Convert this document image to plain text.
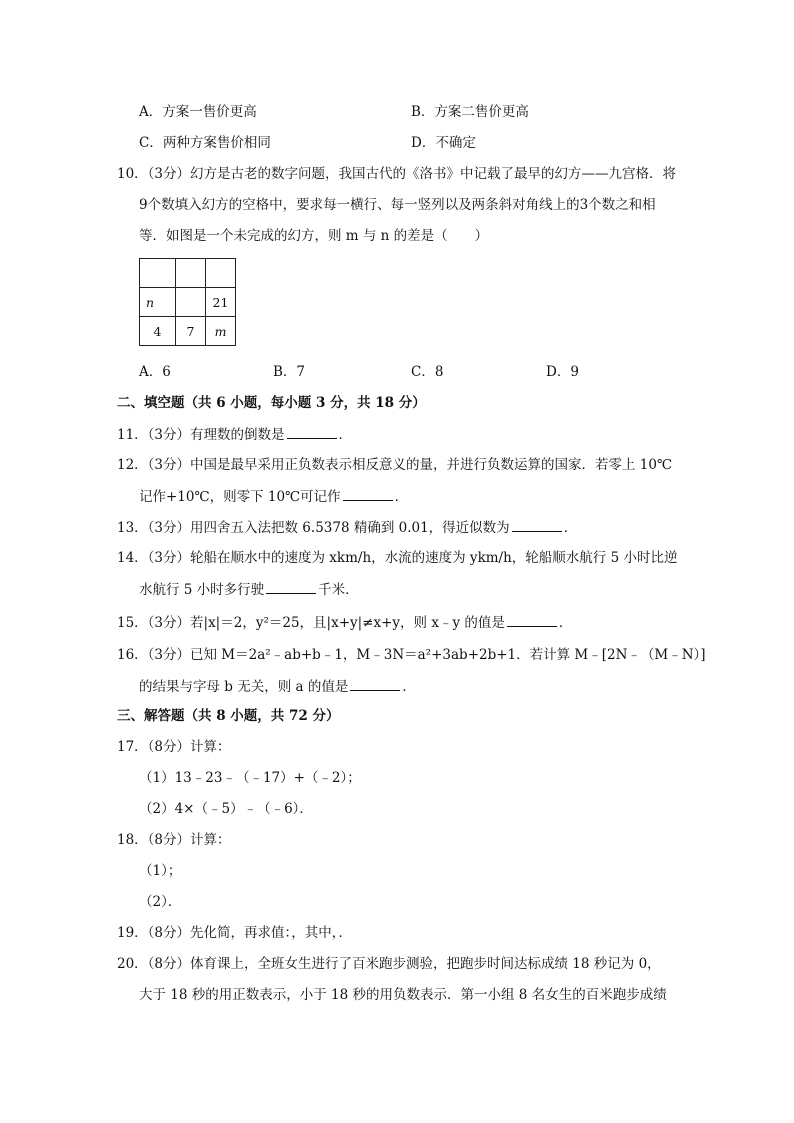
A．方案一售价更高	B．方案二售价更高
C．两种方案售价相同	D．不确定
10．（3分）幻方是古老的数字问题，我国古代的《洛书》中记载了最早的幻方——九宫格．将
9个数填入幻方的空格中，要求每一横行、每一竖列以及两条斜对角线上的3个数之和相
等．如图是一个未完成的幻方，则 m 与 n 的差是（　　）

n		21
4	7	m
A．6	B．7	C．8	D．9
二、填空题（共 6 小题，每小题 3 分，共 18 分）
11．（3分）有理数的倒数是	．
12．（3分）中国是最早采用正负数表示相反意义的量，并进行负数运算的国家．若零上 10℃
记作+10℃，则零下 10℃可记作	．
13．（3分）用四舍五入法把数 6.5378 精确到 0.01，得近似数为	．
14．（3分）轮船在顺水中的速度为 xkm/h，水流的速度为 ykm/h，轮船顺水航行 5 小时比逆
水航行 5 小时多行驶	千米．
15．（3分）若|x|＝2，y²＝25，且|x+y|≠x+y，则 x﹣y 的值是	．
16．（3分）已知 M＝2a²﹣ab+b﹣1，M﹣3N＝a²+3ab+2b+1．若计算 M﹣[2N﹣（M﹣N）]
的结果与字母 b 无关，则 a 的值是	．
三、解答题（共 8 小题，共 72 分）
17．（8分）计算：
（1）13﹣23﹣（﹣17）+（﹣2）；
（2）4×（﹣5）﹣（﹣6）．
18．（8分）计算：
（1）；
（2）．
19．（8分）先化简，再求值：，其中，．
20．（8分）体育课上，全班女生进行了百米跑步测验，把跑步时间达标成绩 18 秒记为 0，
大于 18 秒的用正数表示，小于 18 秒的用负数表示．第一小组 8 名女生的百米跑步成绩
